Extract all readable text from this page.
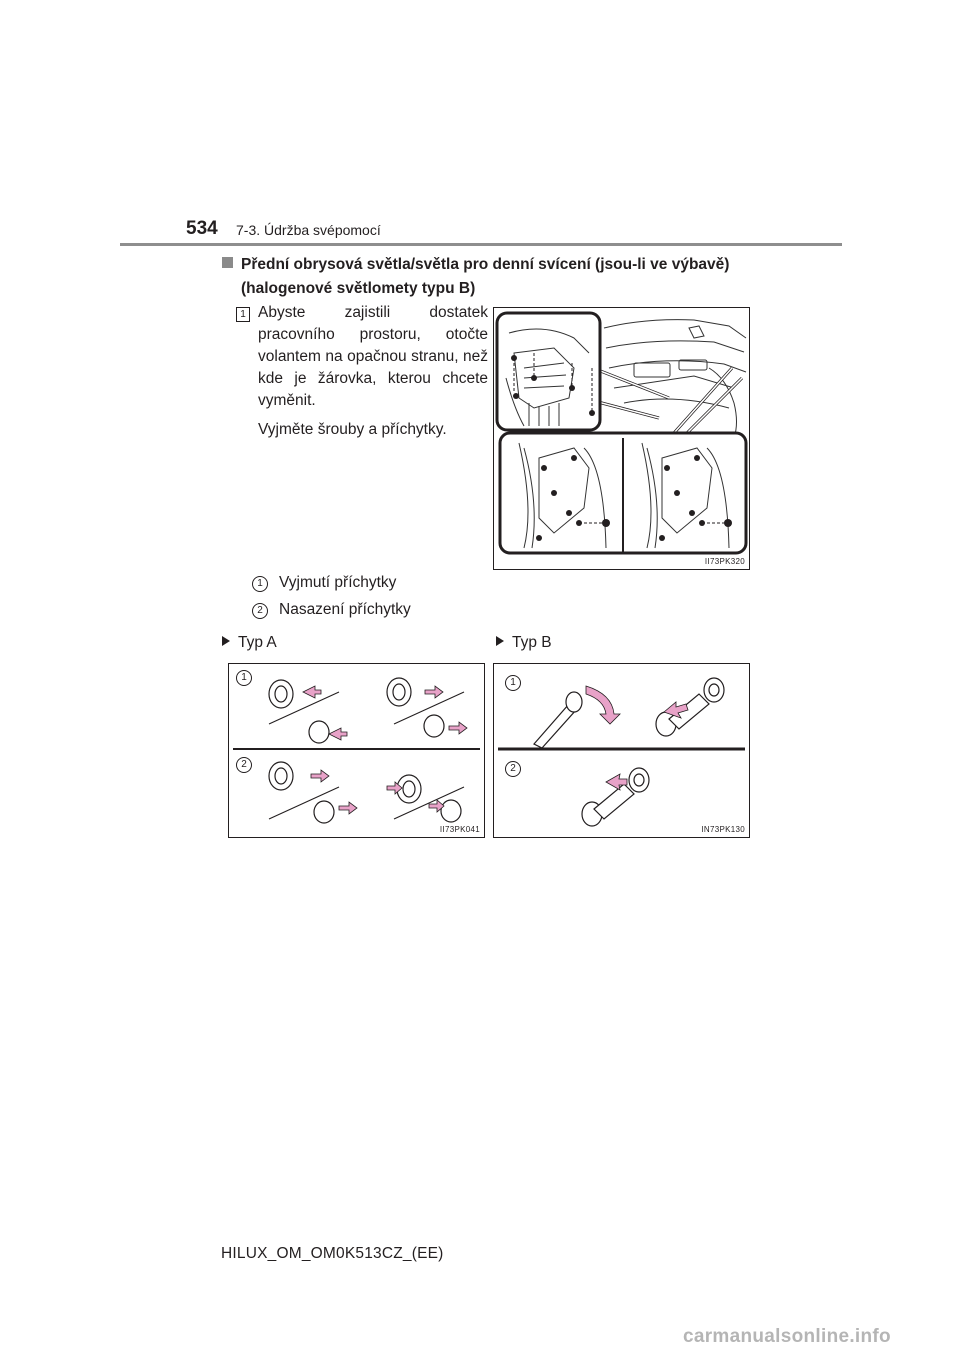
534 7-3. Údržba svépomocí
Přední obrysová světla/světla pro denní svícení (jsou-li ve výbavě)
(halogenové světlomety typu B)
1 Abyste zajistili dostatek pracovního prostoru, otočte volantem na opačnou stranu, než kde je žárovka, kterou chcete vyměnit.
Vyjměte šrouby a příchytky.
II73PK320
1	Vyjmutí příchytky
2	Nasazení příchytky
Typ A	Typ B
1
2
II73PK041
1
2
IN73PK130
HILUX_OM_OM0K513CZ_(EE)
carmanualsonline.info
